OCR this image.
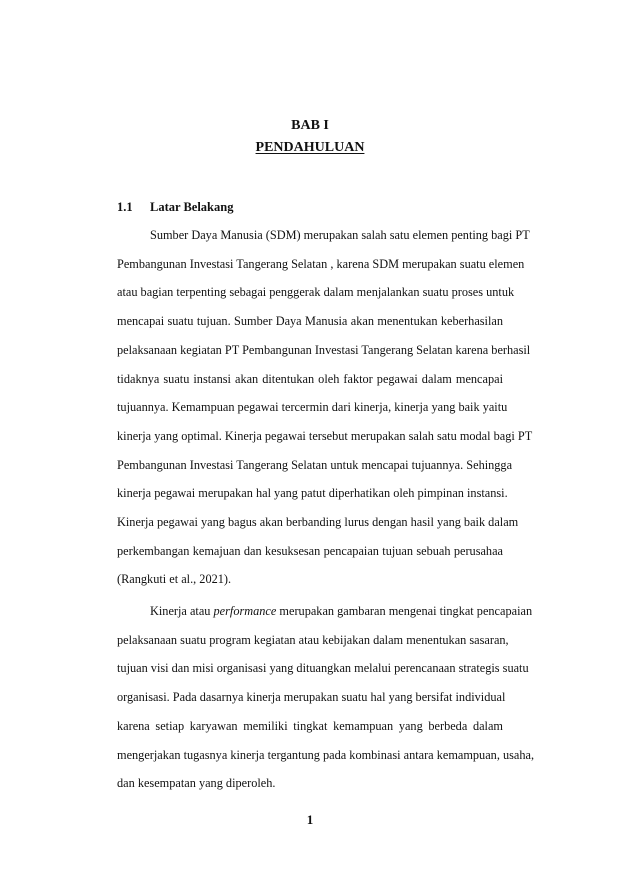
BAB I
PENDAHULUAN
1.1 Latar Belakang
Sumber Daya Manusia (SDM) merupakan salah satu elemen penting bagi PT
Pembangunan Investasi Tangerang Selatan , karena SDM merupakan suatu elemen
atau bagian terpenting sebagai penggerak dalam menjalankan suatu proses untuk
mencapai suatu tujuan. Sumber Daya Manusia akan menentukan keberhasilan
pelaksanaan kegiatan PT Pembangunan Investasi Tangerang Selatan karena berhasil
tidaknya suatu instansi akan ditentukan oleh faktor pegawai dalam mencapai
tujuannya. Kemampuan pegawai tercermin dari kinerja, kinerja yang baik yaitu
kinerja yang optimal. Kinerja pegawai tersebut merupakan salah satu modal bagi PT
Pembangunan Investasi Tangerang Selatan untuk mencapai tujuannya. Sehingga
kinerja pegawai merupakan hal yang patut diperhatikan oleh pimpinan instansi.
Kinerja pegawai yang bagus akan berbanding lurus dengan hasil yang baik dalam
perkembangan kemajuan dan kesuksesan pencapaian tujuan sebuah perusahaa
(Rangkuti et al., 2021).
Kinerja atau performance merupakan gambaran mengenai tingkat pencapaian
pelaksanaan suatu program kegiatan atau kebijakan dalam menentukan sasaran,
tujuan visi dan misi organisasi yang dituangkan melalui perencanaan strategis suatu
organisasi. Pada dasarnya kinerja merupakan suatu hal yang bersifat individual
karena setiap karyawan memiliki tingkat kemampuan yang berbeda dalam
mengerjakan tugasnya kinerja tergantung pada kombinasi antara kemampuan, usaha,
dan kesempatan yang diperoleh.

1
